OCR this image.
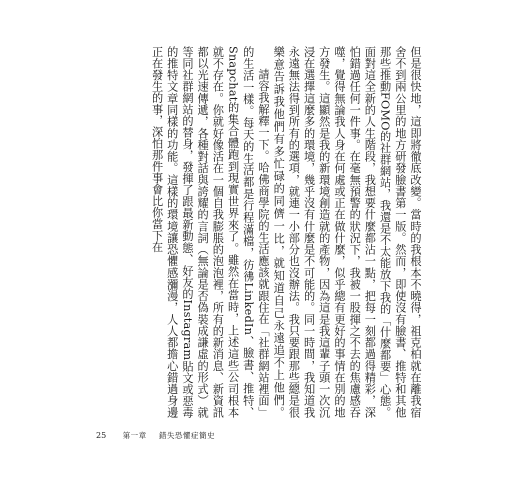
但是很快地，這即將徹底改變。當時的我根本不曉得，祖克柏就在離我宿舍不到兩公里的地方研發臉書第一版。然而，即使沒有臉書、推特和其他那些推動FOMO的社群網站，我還是不太能放下我的「什麼都要」心態。面對這全新的人生階段，我想要什麼都沾一點，把每一刻都過得精彩，深怕錯過任何一件事。在毫無預警的狀況下，我被一股揮之不去的焦慮感吞噬，覺得無論我人身在何處或正在做什麼，似乎總有更好的事情在別的地方發生。這顯然是我的新環境創造就的產物，因為這是我這輩子頭一次沉浸在選擇這麼多的環境，幾乎沒有什麼是不可能的。同一時間，我知道我永遠無法得到所有的選項，就連一小部分也沒辦法。我只要跟那些總是很樂意告訴我他們有多忙碌的同儕一比，就知道自己永遠追不上他們。

請容我解釋一下。哈佛商學院的生活應該就跟住在「社群網站裡面」的生活一樣。每天的生活都是行程滿檔，彷彿LinkedIn、臉書、推特、Snapchat的集合體跑到現實世界來了。雖然在當時，上述這些公司根本就不存在。你就好像活在一個自我膨脹的泡泡裡，所有的新消息、新資訊都以光速傳遞，各種對話與誇耀的言詞（無論是否偽裝成謙虛的形式）就等同社群網站的替身，發揮了跟最新動態、好友的Instagram貼文或惡毒的推特文章同樣的功能。這樣的環境讓恐懼感瀰漫，人人都擔心錯過身邊正在發生的事，深怕那件事會比你當下在

25 第一章 錯失恐懼症簡史
